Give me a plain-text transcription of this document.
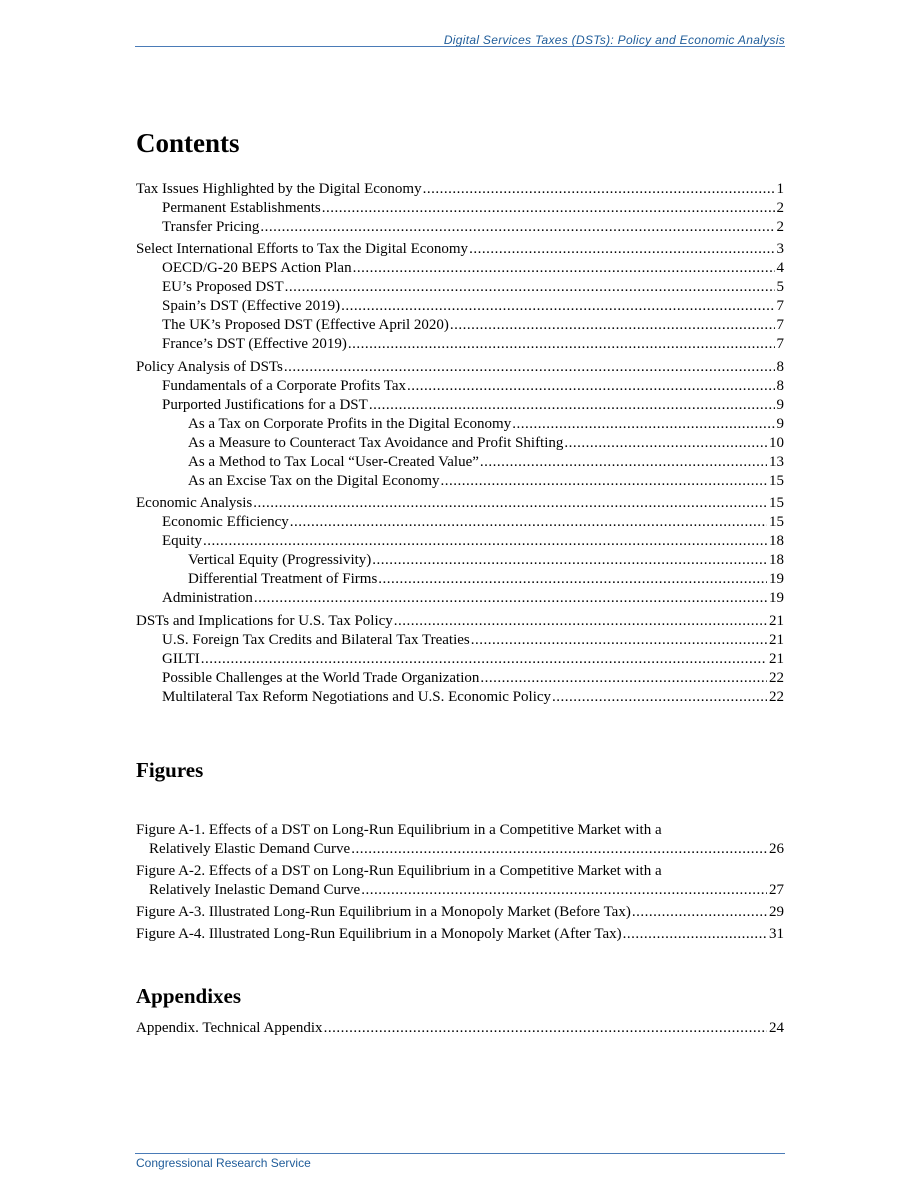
Digital Services Taxes (DSTs): Policy and Economic Analysis
Contents
Tax Issues Highlighted by the Digital Economy .....	1
Permanent Establishments .....	2
Transfer Pricing .....	2
Select International Efforts to Tax the Digital Economy .....	3
OECD/G-20 BEPS Action Plan .....	4
EU’s Proposed DST .....	5
Spain’s DST (Effective 2019) .....	7
The UK’s Proposed DST (Effective April 2020) .....	7
France’s DST (Effective 2019) .....	7
Policy Analysis of DSTs .....	8
Fundamentals of a Corporate Profits Tax .....	8
Purported Justifications for a DST .....	9
As a Tax on Corporate Profits in the Digital Economy .....	9
As a Measure to Counteract Tax Avoidance and Profit Shifting .....	10
As a Method to Tax Local “User-Created Value” .....	13
As an Excise Tax on the Digital Economy .....	15
Economic Analysis .....	15
Economic Efficiency .....	15
Equity .....	18
Vertical Equity (Progressivity) .....	18
Differential Treatment of Firms .....	19
Administration .....	19
DSTs and Implications for U.S. Tax Policy .....	21
U.S. Foreign Tax Credits and Bilateral Tax Treaties .....	21
GILTI .....	21
Possible Challenges at the World Trade Organization .....	22
Multilateral Tax Reform Negotiations and U.S. Economic Policy .....	22
Figures
Figure A-1. Effects of a DST on Long-Run Equilibrium in a Competitive Market with a
Relatively Elastic Demand Curve .....	26
Figure A-2. Effects of a DST on Long-Run Equilibrium in a Competitive Market with a
Relatively Inelastic Demand Curve .....	27
Figure A-3. Illustrated Long-Run Equilibrium in a Monopoly Market (Before Tax) .....	29
Figure A-4. Illustrated Long-Run Equilibrium in a Monopoly Market (After Tax) .....	31
Appendixes
Appendix. Technical Appendix .....	24
Congressional Research Service
